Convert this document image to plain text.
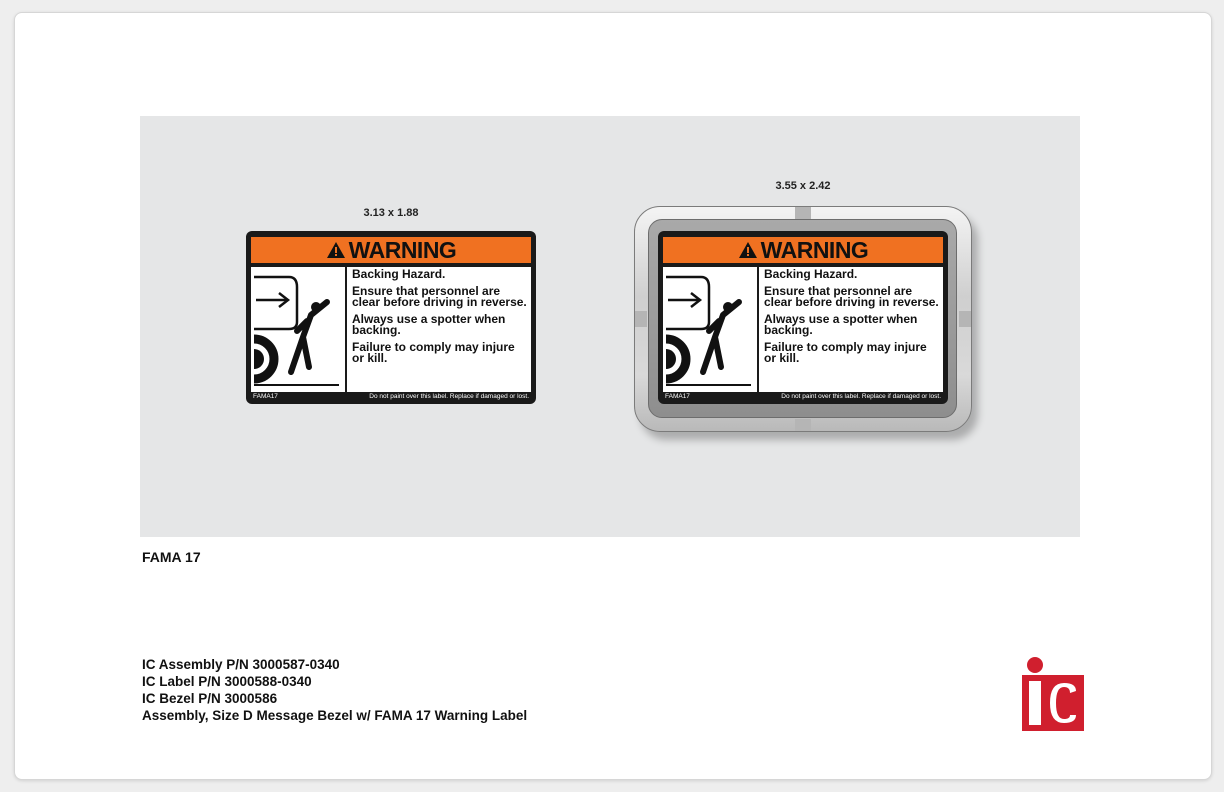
3.13 x 1.88
3.55 x 2.42
WARNING

Backing Hazard.

Ensure that personnel are clear before driving in reverse.

Always use a spotter when backing.

Failure to comply may injure or kill.

FAMA17	Do not paint over this label. Replace if damaged or lost.
WARNING

Backing Hazard.

Ensure that personnel are clear before driving in reverse.

Always use a spotter when backing.

Failure to comply may injure or kill.

FAMA17	Do not paint over this label. Replace if damaged or lost.
FAMA 17
IC Assembly P/N 3000587-0340
IC Label P/N 3000588-0340
IC Bezel P/N 3000586
Assembly, Size D Message Bezel w/ FAMA 17 Warning Label
